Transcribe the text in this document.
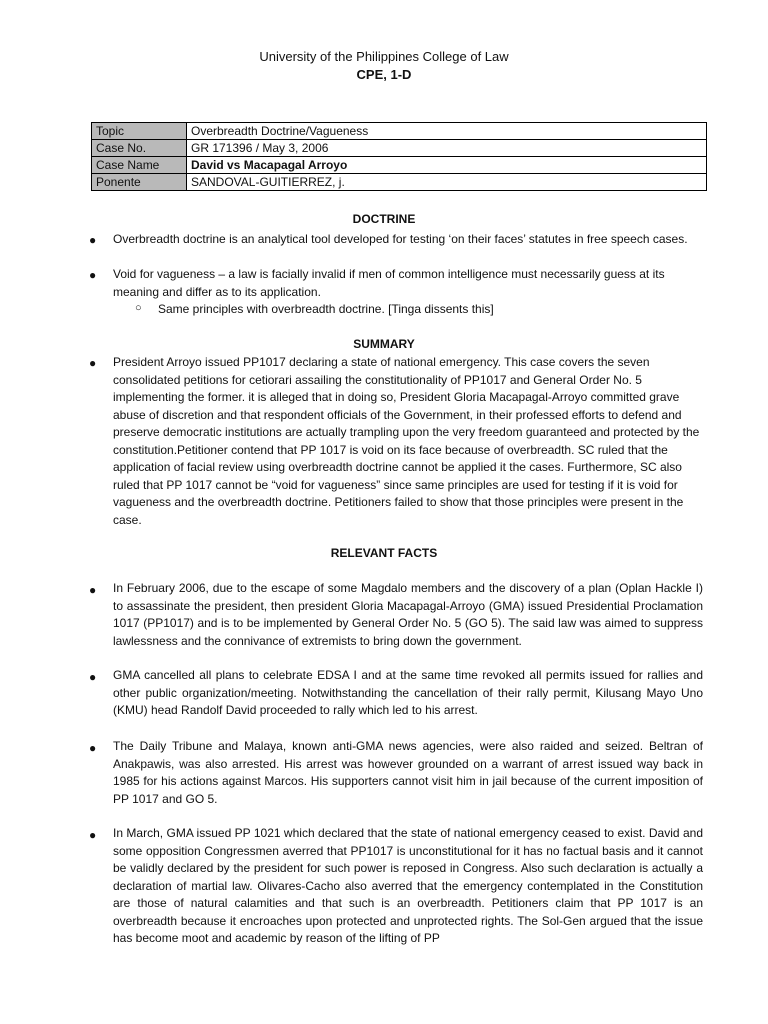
University of the Philippines College of Law
CPE, 1-D
Topic	Overbreadth Doctrine/Vagueness
Case No.	GR 171396 / May 3, 2006
Case Name	David vs Macapagal Arroyo
Ponente	SANDOVAL-GUITIERREZ, j.
DOCTRINE
● Overbreadth doctrine is an analytical tool developed for testing ‘on their faces’ statutes in free speech cases.
● Void for vagueness – a law is facially invalid if men of common intelligence must necessarily guess at its meaning and differ as to its application.
○ Same principles with overbreadth doctrine. [Tinga dissents this]
SUMMARY
● President Arroyo issued PP1017 declaring a state of national emergency. This case covers the seven consolidated petitions for cetiorari assailing the constitutionality of PP1017 and General Order No. 5 implementing the former. it is alleged that in doing so, President Gloria Macapagal-Arroyo committed grave abuse of discretion and that respondent officials of the Government, in their professed efforts to defend and preserve democratic institutions are actually trampling upon the very freedom guaranteed and protected by the constitution.Petitioner contend that PP 1017 is void on its face because of overbreadth. SC ruled that the application of facial review using overbreadth doctrine cannot be applied it the cases. Furthermore, SC also ruled that PP 1017 cannot be “void for vagueness” since same principles are used for testing if it is void for vagueness and the overbreadth doctrine. Petitioners failed to show that those principles were present in the case.
RELEVANT FACTS
● In February 2006, due to the escape of some Magdalo members and the discovery of a plan (Oplan Hackle I) to assassinate the president, then president Gloria Macapagal-Arroyo (GMA) issued Presidential Proclamation 1017 (PP1017) and is to be implemented by General Order No. 5 (GO 5). The said law was aimed to suppress lawlessness and the connivance of extremists to bring down the government.
● GMA cancelled all plans to celebrate EDSA I and at the same time revoked all permits issued for rallies and other public organization/meeting. Notwithstanding the cancellation of their rally permit, Kilusang Mayo Uno (KMU) head Randolf David proceeded to rally which led to his arrest.
● The Daily Tribune and Malaya, known anti-GMA news agencies, were also raided and seized. Beltran of Anakpawis, was also arrested. His arrest was however grounded on a warrant of arrest issued way back in 1985 for his actions against Marcos. His supporters cannot visit him in jail because of the current imposition of PP 1017 and GO 5.
● In March, GMA issued PP 1021 which declared that the state of national emergency ceased to exist. David and some opposition Congressmen averred that PP1017 is unconstitutional for it has no factual basis and it cannot be validly declared by the president for such power is reposed in Congress. Also such declaration is actually a declaration of martial law. Olivares-Cacho also averred that the emergency contemplated in the Constitution are those of natural calamities and that such is an overbreadth. Petitioners claim that PP 1017 is an overbreadth because it encroaches upon protected and unprotected rights. The Sol-Gen argued that the issue has become moot and academic by reason of the lifting of PP
